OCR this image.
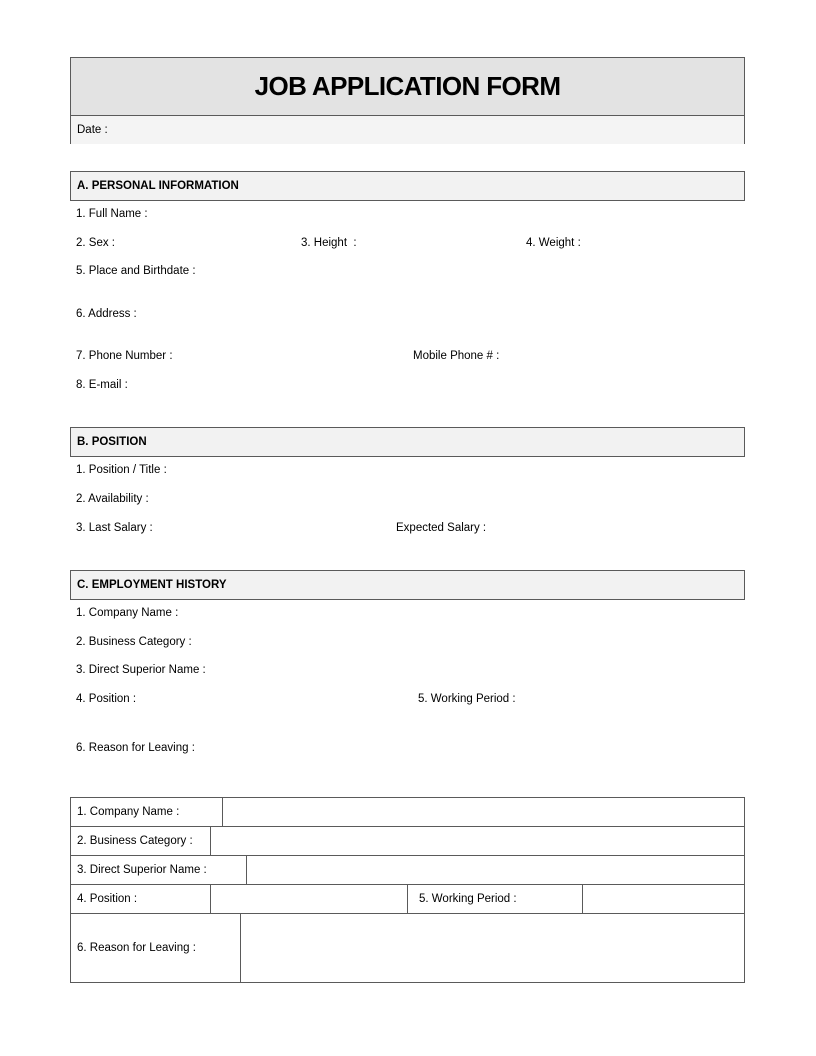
JOB APPLICATION FORM
Date :
A. PERSONAL INFORMATION
1. Full Name :
2. Sex :	3. Height  :	4. Weight :
5. Place and Birthdate :
6. Address :
7. Phone Number :	Mobile Phone # :
8. E-mail :
B. POSITION
1. Position / Title :
2. Availability :
3. Last Salary :	Expected Salary :
C. EMPLOYMENT HISTORY
1. Company Name :
2. Business Category :
3. Direct Superior Name :
4. Position :	5. Working Period :
6. Reason for Leaving :
1. Company Name :
2. Business Category :
3. Direct Superior Name :
4. Position :	5. Working Period :
6. Reason for Leaving :
